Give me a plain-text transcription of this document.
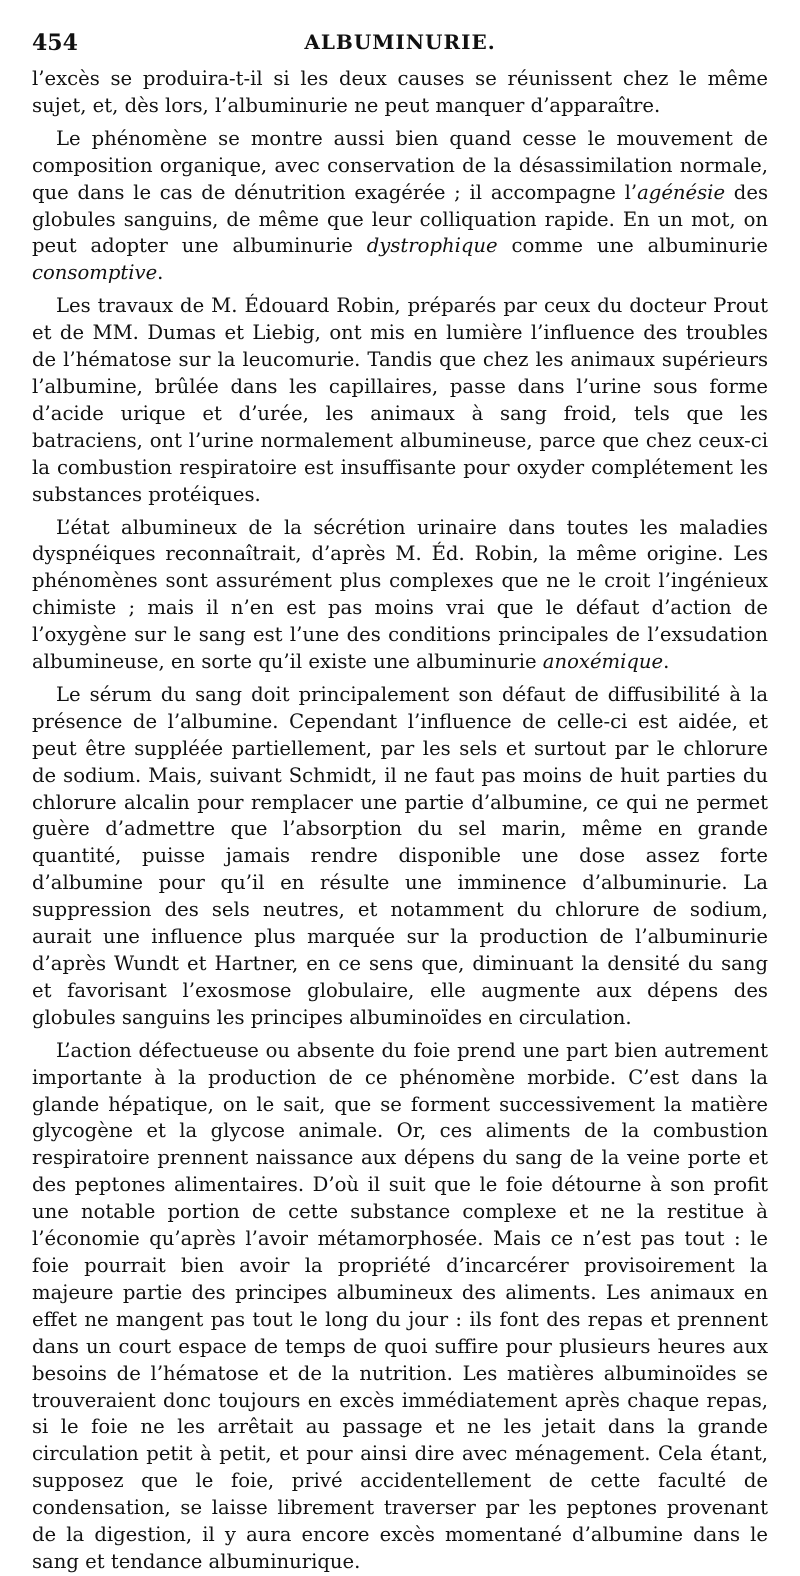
454	ALBUMINURIE.

l’excès se produira-t-il si les deux causes se réunissent chez le même sujet, et, dès lors, l’albuminurie ne peut manquer d’apparaître.

Le phénomène se montre aussi bien quand cesse le mouvement de composition organique, avec conservation de la désassimilation normale, que dans le cas de dénutrition exagérée ; il accompagne l’agénésie des globules sanguins, de même que leur colliquation rapide. En un mot, on peut adopter une albuminurie dystrophique comme une albuminurie consomptive.

Les travaux de M. Édouard Robin, préparés par ceux du docteur Prout et de MM. Dumas et Liebig, ont mis en lumière l’influence des troubles de l’hématose sur la leucomurie. Tandis que chez les animaux supérieurs l’albumine, brûlée dans les capillaires, passe dans l’urine sous forme d’acide urique et d’urée, les animaux à sang froid, tels que les batraciens, ont l’urine normalement albumineuse, parce que chez ceux-ci la combustion respiratoire est insuffisante pour oxyder complétement les substances protéiques.

L’état albumineux de la sécrétion urinaire dans toutes les maladies dyspnéiques reconnaîtrait, d’après M. Éd. Robin, la même origine. Les phénomènes sont assurément plus complexes que ne le croit l’ingénieux chimiste ; mais il n’en est pas moins vrai que le défaut d’action de l’oxygène sur le sang est l’une des conditions principales de l’exsudation albumineuse, en sorte qu’il existe une albuminurie anoxémique.

Le sérum du sang doit principalement son défaut de diffusibilité à la présence de l’albumine. Cependant l’influence de celle-ci est aidée, et peut être suppléée partiellement, par les sels et surtout par le chlorure de sodium. Mais, suivant Schmidt, il ne faut pas moins de huit parties du chlorure alcalin pour remplacer une partie d’albumine, ce qui ne permet guère d’admettre que l’absorption du sel marin, même en grande quantité, puisse jamais rendre disponible une dose assez forte d’albumine pour qu’il en résulte une imminence d’albuminurie. La suppression des sels neutres, et notamment du chlorure de sodium, aurait une influence plus marquée sur la production de l’albuminurie d’après Wundt et Hartner, en ce sens que, diminuant la densité du sang et favorisant l’exosmose globulaire, elle augmente aux dépens des globules sanguins les principes albuminoïdes en circulation.

L’action défectueuse ou absente du foie prend une part bien autrement importante à la production de ce phénomène morbide. C’est dans la glande hépatique, on le sait, que se forment successivement la matière glycogène et la glycose animale. Or, ces aliments de la combustion respiratoire prennent naissance aux dépens du sang de la veine porte et des peptones alimentaires. D’où il suit que le foie détourne à son profit une notable portion de cette substance complexe et ne la restitue à l’économie qu’après l’avoir métamorphosée. Mais ce n’est pas tout : le foie pourrait bien avoir la propriété d’incarcérer provisoirement la majeure partie des principes albumineux des aliments. Les animaux en effet ne mangent pas tout le long du jour : ils font des repas et prennent dans un court espace de temps de quoi suffire pour plusieurs heures aux besoins de l’hématose et de la nutrition. Les matières albuminoïdes se trouveraient donc toujours en excès immédiatement après chaque repas, si le foie ne les arrêtait au passage et ne les jetait dans la grande circulation petit à petit, et pour ainsi dire avec ménagement. Cela étant, supposez que le foie, privé accidentellement de cette faculté de condensation, se laisse librement traverser par les peptones provenant de la digestion, il y aura encore excès momentané d’albumine dans le sang et tendance albuminurique.
